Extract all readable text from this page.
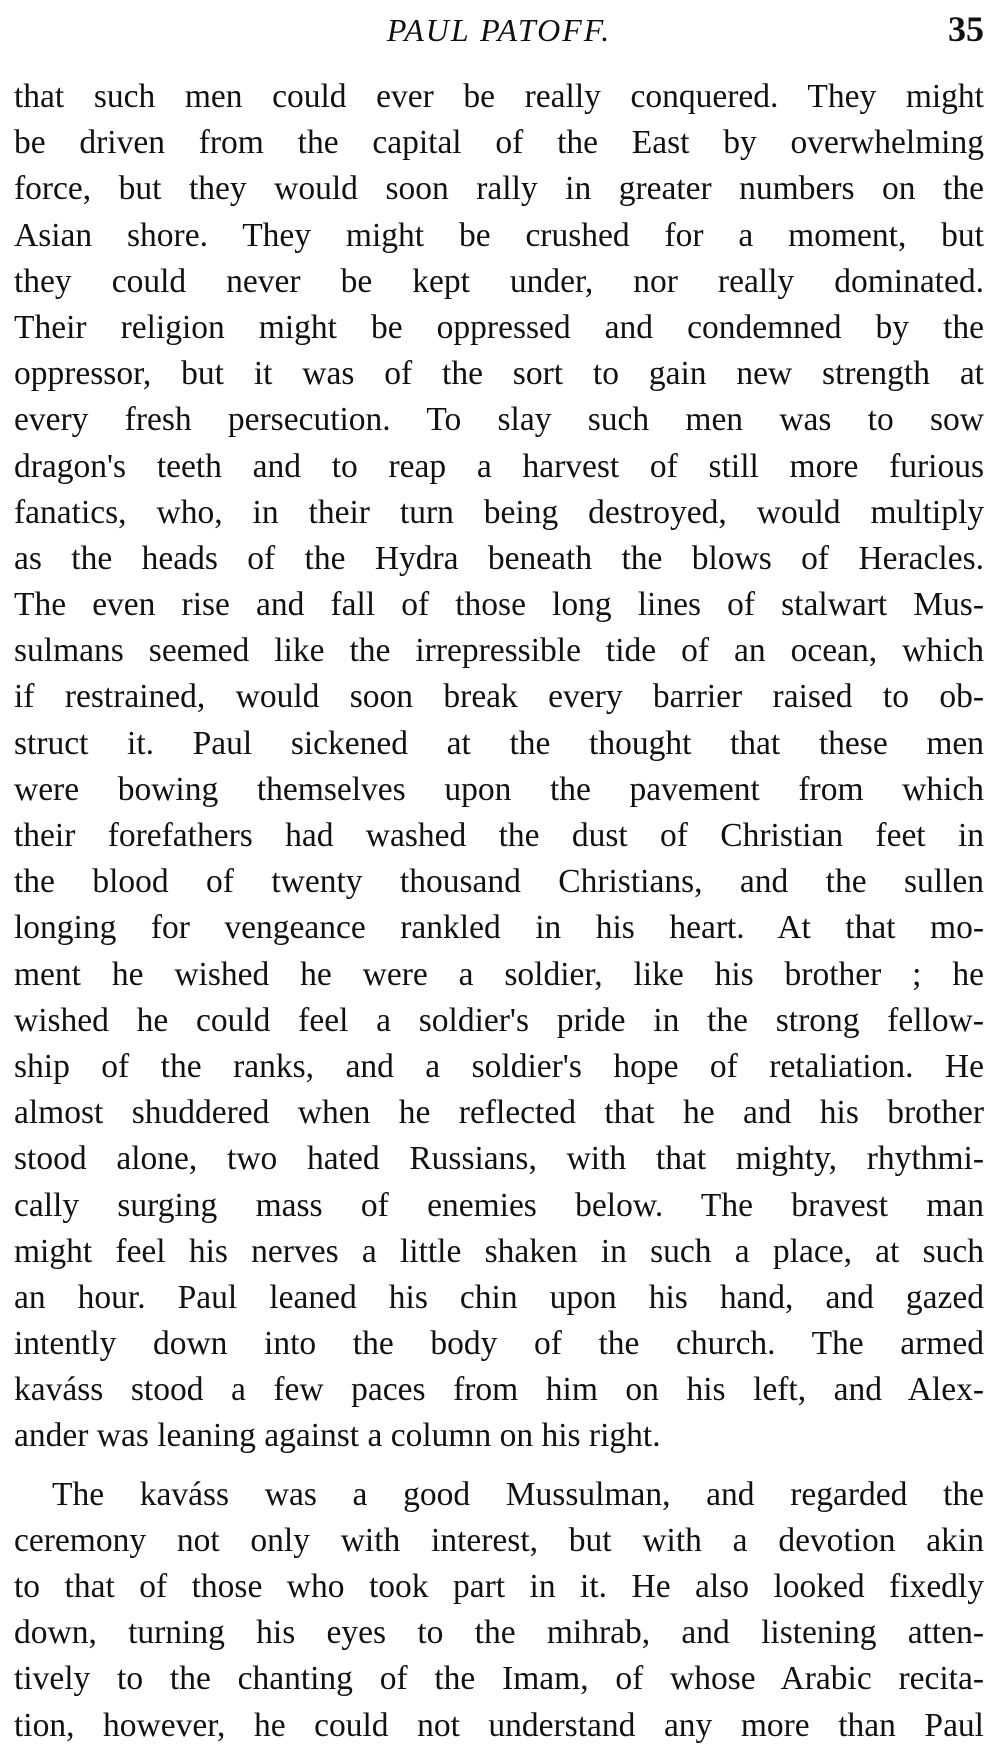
PAUL PATOFF.	35
that such men could ever be really conquered. They might
be driven from the capital of the East by overwhelming
force, but they would soon rally in greater numbers on the
Asian shore. They might be crushed for a moment, but
they could never be kept under, nor really dominated.
Their religion might be oppressed and condemned by the
oppressor, but it was of the sort to gain new strength at
every fresh persecution. To slay such men was to sow
dragon's teeth and to reap a harvest of still more furious
fanatics, who, in their turn being destroyed, would multiply
as the heads of the Hydra beneath the blows of Heracles.
The even rise and fall of those long lines of stalwart Mus-
sulmans seemed like the irrepressible tide of an ocean, which
if restrained, would soon break every barrier raised to ob-
struct it. Paul sickened at the thought that these men
were bowing themselves upon the pavement from which
their forefathers had washed the dust of Christian feet in
the blood of twenty thousand Christians, and the sullen
longing for vengeance rankled in his heart. At that mo-
ment he wished he were a soldier, like his brother ; he
wished he could feel a soldier's pride in the strong fellow-
ship of the ranks, and a soldier's hope of retaliation. He
almost shuddered when he reflected that he and his brother
stood alone, two hated Russians, with that mighty, rhythmi-
cally surging mass of enemies below. The bravest man
might feel his nerves a little shaken in such a place, at such
an hour. Paul leaned his chin upon his hand, and gazed
intently down into the body of the church. The armed
kaváss stood a few paces from him on his left, and Alex-
ander was leaning against a column on his right.
The kaváss was a good Mussulman, and regarded the
ceremony not only with interest, but with a devotion akin
to that of those who took part in it. He also looked fixedly
down, turning his eyes to the mihrab, and listening atten-
tively to the chanting of the Imam, of whose Arabic recita-
tion, however, he could not understand any more than Paul
